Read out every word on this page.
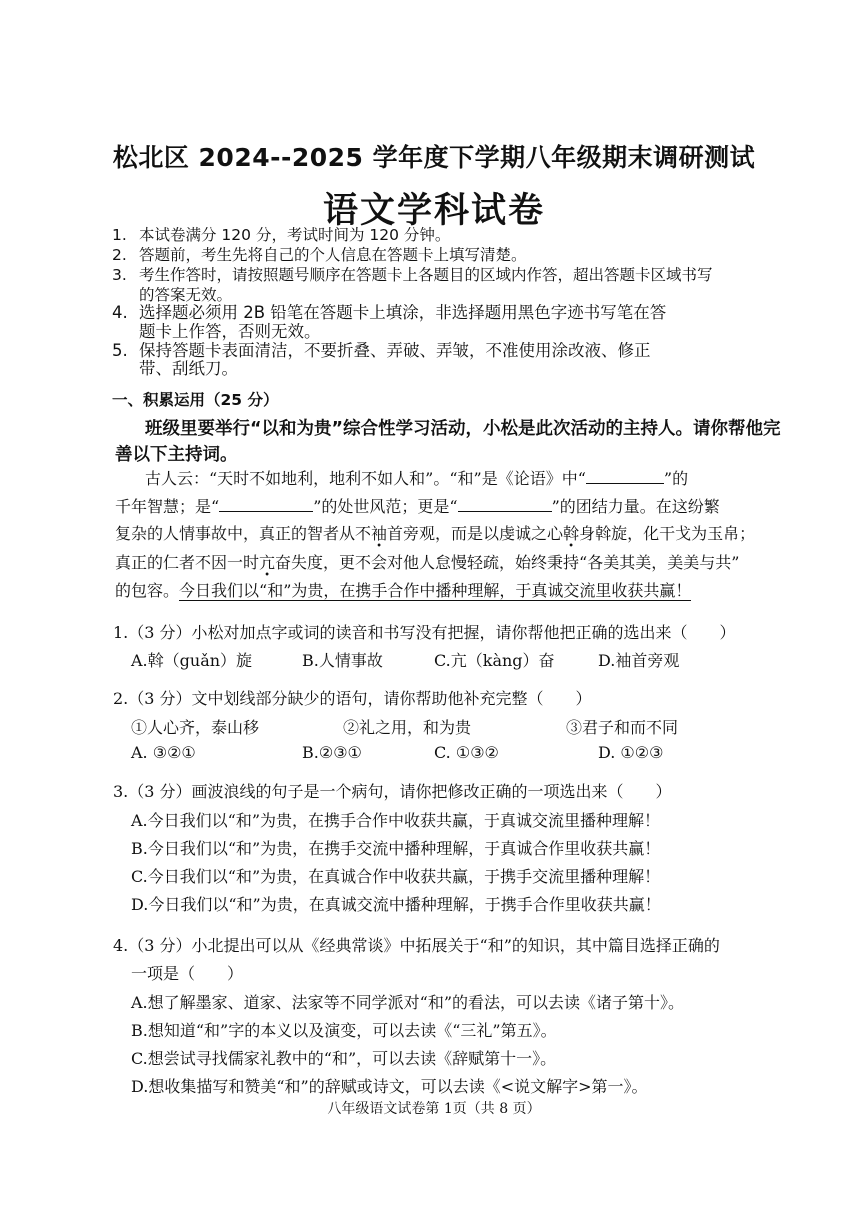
松北区 2024--2025 学年度下学期八年级期末调研测试
语文学科试卷
1. 本试卷满分 120 分，考试时间为 120 分钟。
2. 答题前，考生先将自己的个人信息在答题卡上填写清楚。
3. 考生作答时，请按照题号顺序在答题卡上各题目的区域内作答，超出答题卡区域书写
的答案无效。
4. 选择题必须用 2B 铅笔在答题卡上填涂，非选择题用黑色字迹书写笔在答
题卡上作答，否则无效。
5. 保持答题卡表面清洁，不要折叠、弄破、弄皱，不准使用涂改液、修正
带、刮纸刀。
一、积累运用（25 分）
班级里要举行“以和为贵”综合性学习活动，小松是此次活动的主持人。请你帮他完
善以下主持词。
古人云：“天时不如地利，地利不如人和”。“和”是《论语》中“	”的
千年智慧；是“	”的处世风范；更是“	”的团结力量。在这纷繁
复杂的人情事故中，真正的智者从不袖首旁观，而是以虔诚之心斡身斡旋，化干戈为玉帛；
真正的仁者不因一时亢奋失度，更不会对他人怠慢轻疏，始终秉持“各美其美，美美与共”
的包容。今日我们以“和”为贵，在携手合作中播种理解，于真诚交流里收获共赢！
1.（3 分）小松对加点字或词的读音和书写没有把握，请你帮他把正确的选出来（　　）
A.斡（guǎn）旋	B.人情事故	C.亢（kàng）奋	D.袖首旁观
2.（3 分）文中划线部分缺少的语句，请你帮助他补充完整（　　）
①人心齐，泰山移	②礼之用，和为贵	③君子和而不同
A. ③②①	B.②③①	C. ①③②	D. ①②③
3.（3 分）画波浪线的句子是一个病句，请你把修改正确的一项选出来（　　）
A.今日我们以“和”为贵，在携手合作中收获共赢，于真诚交流里播种理解！
B.今日我们以“和”为贵，在携手交流中播种理解，于真诚合作里收获共赢！
C.今日我们以“和”为贵，在真诚合作中收获共赢，于携手交流里播种理解！
D.今日我们以“和”为贵，在真诚交流中播种理解，于携手合作里收获共赢！
4.（3 分）小北提出可以从《经典常谈》中拓展关于“和”的知识，其中篇目选择正确的
一项是（　　）
A.想了解墨家、道家、法家等不同学派对“和”的看法，可以去读《诸子第十》。
B.想知道“和”字的本义以及演变，可以去读《“三礼”第五》。
C.想尝试寻找儒家礼教中的“和”，可以去读《辞赋第十一》。
D.想收集描写和赞美“和”的辞赋或诗文，可以去读《<说文解字>第一》。
八年级语文试卷第 1页（共 8 页）
